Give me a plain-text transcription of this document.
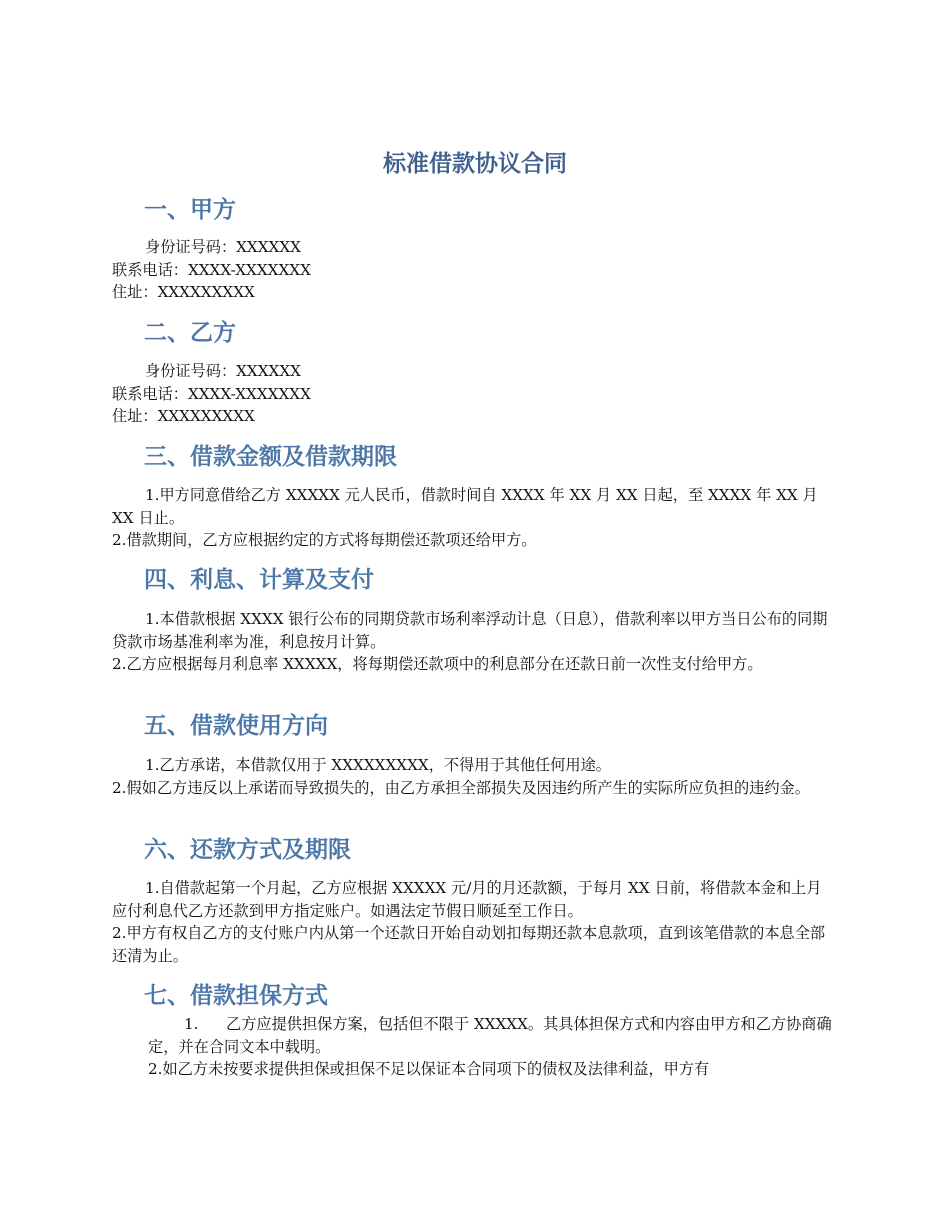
标准借款协议合同
一、甲方

身份证号码：XXXXXX

联系电话：XXXX-XXXXXXX

住址：XXXXXXXXX

二、乙方

身份证号码：XXXXXX

联系电话：XXXX-XXXXXXX

住址：XXXXXXXXX

三、借款金额及借款期限

1.甲方同意借给乙方 XXXXX 元人民币，借款时间自 XXXX 年 XX 月 XX 日起，至 XXXX 年 XX 月 XX 日止。

2.借款期间，乙方应根据约定的方式将每期偿还款项还给甲方。

四、利息、计算及支付

1.本借款根据 XXXX 银行公布的同期贷款市场利率浮动计息（日息），借款利率以甲方当日公布的同期贷款市场基准利率为准，利息按月计算。

2.乙方应根据每月利息率 XXXXX，将每期偿还款项中的利息部分在还款日前一次性支付给甲方。

五、借款使用方向

1.乙方承诺，本借款仅用于 XXXXXXXXX，不得用于其他任何用途。

2.假如乙方违反以上承诺而导致损失的，由乙方承担全部损失及因违约所产生的实际所应负担的违约金。

六、还款方式及期限

1.自借款起第一个月起，乙方应根据 XXXXX 元/月的月还款额，于每月 XX 日前，将借款本金和上月应付利息代乙方还款到甲方指定账户。如遇法定节假日顺延至工作日。

2.甲方有权自乙方的支付账户内从第一个还款日开始自动划扣每期还款本息款项，直到该笔借款的本息全部还清为止。

七、借款担保方式

1. 乙方应提供担保方案，包括但不限于 XXXXX。其具体担保方式和内容由甲方和乙方协商确定，并在合同文本中载明。

2.如乙方未按要求提供担保或担保不足以保证本合同项下的债权及法律利益，甲方有
